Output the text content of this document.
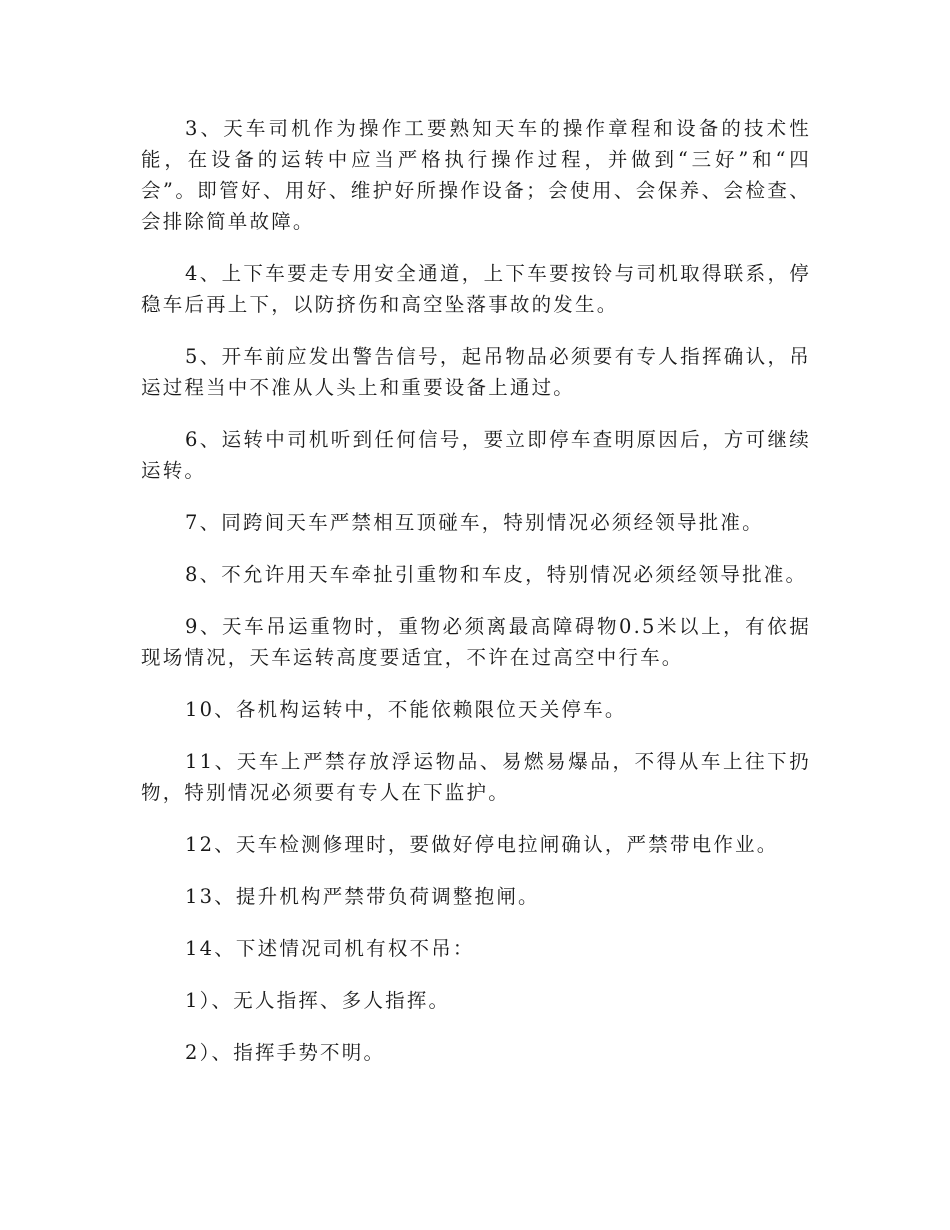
3、天车司机作为操作工要熟知天车的操作章程和设备的技术性能，在设备的运转中应当严格执行操作过程，并做到“三好”和“四会”。即管好、用好、维护好所操作设备；会使用、会保养、会检查、会排除简单故障。

4、上下车要走专用安全通道，上下车要按铃与司机取得联系，停稳车后再上下，以防挤伤和高空坠落事故的发生。

5、开车前应发出警告信号，起吊物品必须要有专人指挥确认，吊运过程当中不准从人头上和重要设备上通过。

6、运转中司机听到任何信号，要立即停车查明原因后，方可继续运转。

7、同跨间天车严禁相互顶碰车，特别情况必须经领导批准。

8、不允许用天车牵扯引重物和车皮，特别情况必须经领导批准。

9、天车吊运重物时，重物必须离最高障碍物0.5米以上，有依据现场情况，天车运转高度要适宜，不许在过高空中行车。

10、各机构运转中，不能依赖限位天关停车。

11、天车上严禁存放浮运物品、易燃易爆品，不得从车上往下扔物，特别情况必须要有专人在下监护。

12、天车检测修理时，要做好停电拉闸确认，严禁带电作业。

13、提升机构严禁带负荷调整抱闸。

14、下述情况司机有权不吊：

1）、无人指挥、多人指挥。

2）、指挥手势不明。
